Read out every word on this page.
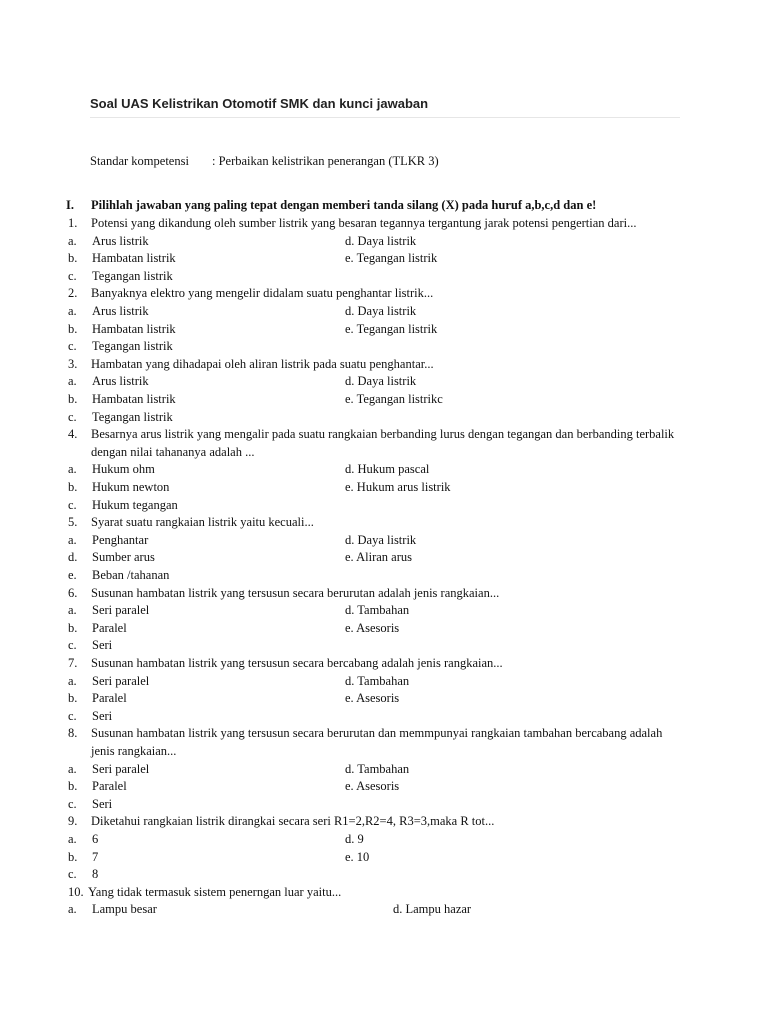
Soal UAS Kelistrikan Otomotif SMK dan kunci jawaban
Standar kompetensi : Perbaikan kelistrikan penerangan (TLKR 3)
I. Pilihlah jawaban yang paling tepat dengan memberi tanda silang (X) pada huruf a,b,c,d dan e!
1. Potensi yang dikandung oleh sumber listrik yang besaran tegannya tergantung jarak potensi pengertian dari...
a. Arus listrik	d. Daya listrik
b. Hambatan listrik	e. Tegangan listrik
c. Tegangan listrik
2. Banyaknya elektro yang mengelir didalam suatu penghantar listrik...
a. Arus listrik	d. Daya listrik
b. Hambatan listrik	e. Tegangan listrik
c. Tegangan listrik
3. Hambatan yang dihadapai oleh aliran listrik pada suatu penghantar...
a. Arus listrik	d. Daya listrik
b. Hambatan listrik	e. Tegangan listrikc
c. Tegangan listrik
4. Besarnya arus listrik yang mengalir pada suatu rangkaian berbanding lurus dengan tegangan dan berbanding terbalik
dengan nilai tahananya adalah ...
a. Hukum ohm	d. Hukum pascal
b. Hukum newton	e. Hukum arus listrik
c. Hukum tegangan
5. Syarat suatu rangkaian listrik yaitu kecuali...
a. Penghantar	d. Daya listrik
d. Sumber arus	e. Aliran arus
e. Beban /tahanan
6. Susunan hambatan listrik yang tersusun secara berurutan adalah jenis rangkaian...
a. Seri paralel	d. Tambahan
b. Paralel	e. Asesoris
c. Seri
7. Susunan hambatan listrik yang tersusun secara bercabang adalah jenis rangkaian...
a. Seri paralel	d. Tambahan
b. Paralel	e. Asesoris
c. Seri
8. Susunan hambatan listrik yang tersusun secara berurutan dan memmpunyai rangkaian tambahan bercabang adalah
jenis rangkaian...
a. Seri paralel	d. Tambahan
b. Paralel	e. Asesoris
c. Seri
9. Diketahui rangkaian listrik dirangkai secara seri R1=2,R2=4, R3=3,maka R tot...
a. 6	d. 9
b. 7	e. 10
c. 8
10. Yang tidak termasuk sistem penerngan luar yaitu...
a. Lampu besar	d. Lampu hazar
